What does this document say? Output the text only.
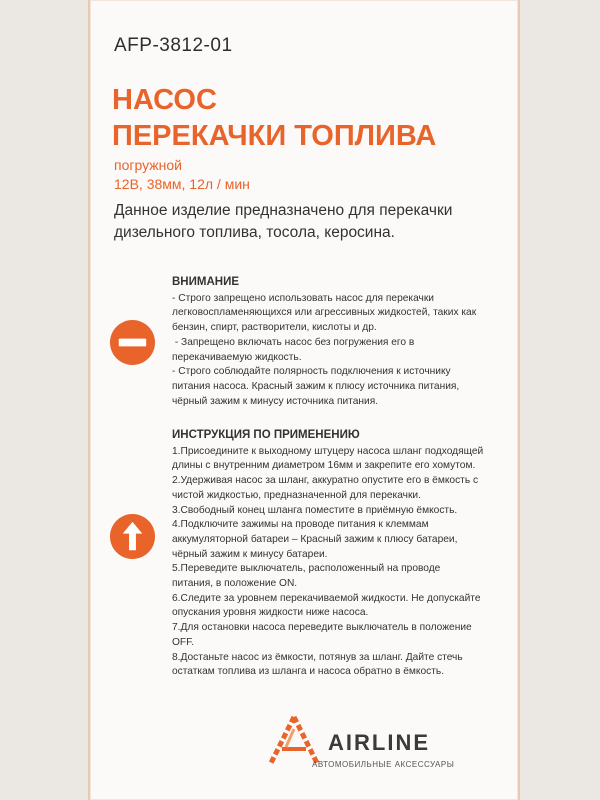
AFP-3812-01
НАСОС
ПЕРЕКАЧКИ ТОПЛИВА
погружной
12В, 38мм, 12л / мин
Данное изделие предназначено для перекачки
дизельного топлива, тосола, керосина.
ВНИМАНИЕ
- Строго запрещено использовать насос для перекачки
легковоспламеняющихся или агрессивных жидкостей, таких как
бензин, спирт, растворители, кислоты и др.
- Запрещено включать насос без погружения его в
перекачиваемую жидкость.
- Строго соблюдайте полярность подключения к источнику
питания насоса. Красный зажим к плюсу источника питания,
чёрный зажим к минусу источника питания.
ИНСТРУКЦИЯ ПО ПРИМЕНЕНИЮ
1.Присоедините к выходному штуцеру насоса шланг подходящей
длины с внутренним диаметром 16мм и закрепите его хомутом.
2.Удерживая насос за шланг, аккуратно опустите его в ёмкость с
чистой жидкостью, предназначенной для перекачки.
3.Свободный конец шланга поместите в приёмную ёмкость.
4.Подключите зажимы на проводе питания к клеммам
аккумуляторной батареи – Красный зажим к плюсу батареи,
чёрный зажим к минусу батареи.
5.Переведите выключатель, расположенный на проводе
питания, в положение ON.
6.Следите за уровнем перекачиваемой жидкости. Не допускайте
опускания уровня жидкости ниже насоса.
7.Для остановки насоса переведите выключатель в положение
OFF.
8.Достаньте насос из ёмкости, потянув за шланг. Дайте стечь
остаткам топлива из шланга и насоса обратно в ёмкость.
AIRLINE
АВТОМОБИЛЬНЫЕ АКСЕССУАРЫ
